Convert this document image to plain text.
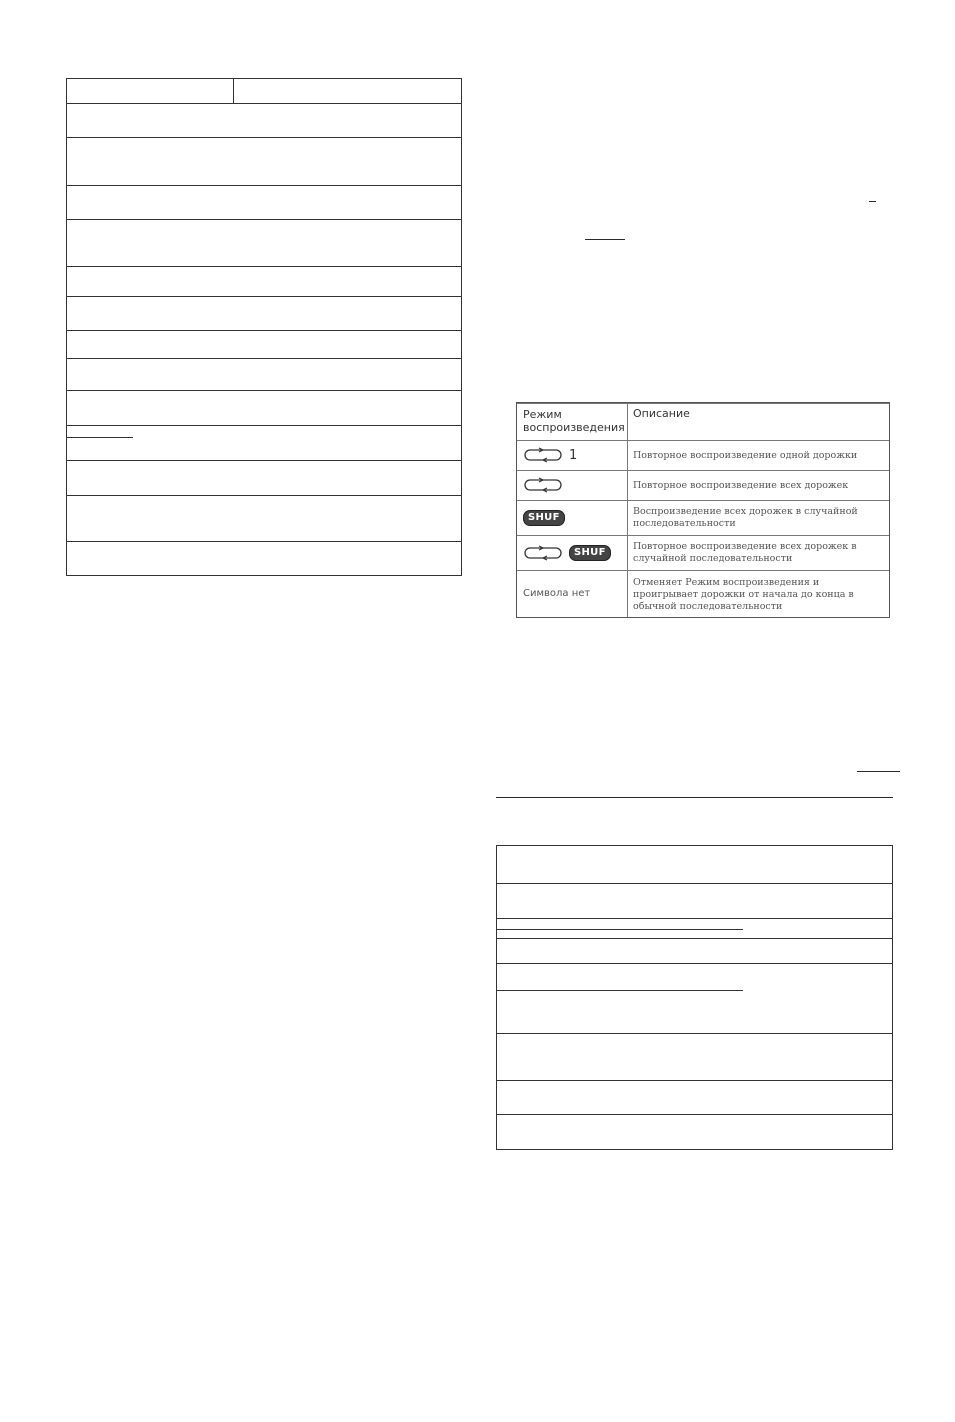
Режим воспроизведения
Описание
1	Повторное воспроизведение одной дорожки
Повторное воспроизведение всех дорожек
SHUF
Воспроизведение всех дорожек в случайной последовательности
SHUF
Повторное воспроизведение всех дорожек в случайной последовательности
Символа нет
Отменяет Режим воспроизведения и проигрывает дорожки от начала до конца в обычной последовательности
